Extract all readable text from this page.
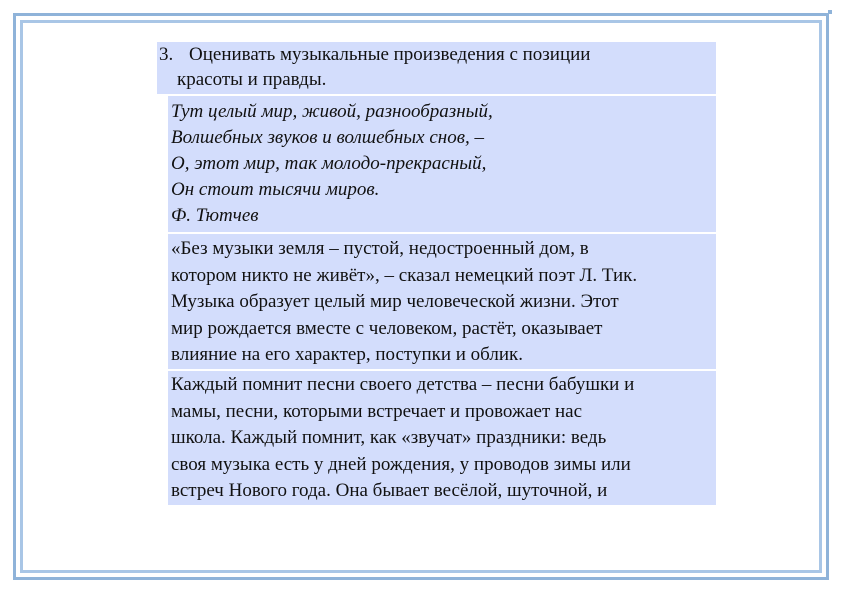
3. Оценивать музыкальные произведения с позиции
красоты и правды.
Тут целый мир, живой, разнообразный,
Волшебных звуков и волшебных снов, –
О, этот мир, так молодо-прекрасный,
Он стоит тысячи миров.
Ф. Тютчев
«Без музыки земля – пустой, недостроенный дом, в
котором никто не живёт», – сказал немецкий поэт Л. Тик.
Музыка образует целый мир человеческой жизни. Этот
мир рождается вместе с человеком, растёт, оказывает
влияние на его характер, поступки и облик.
Каждый помнит песни своего детства – песни бабушки и
мамы, песни, которыми встречает и провожает нас
школа. Каждый помнит, как «звучат» праздники: ведь
своя музыка есть у дней рождения, у проводов зимы или
встреч Нового года. Она бывает весёлой, шуточной, и
